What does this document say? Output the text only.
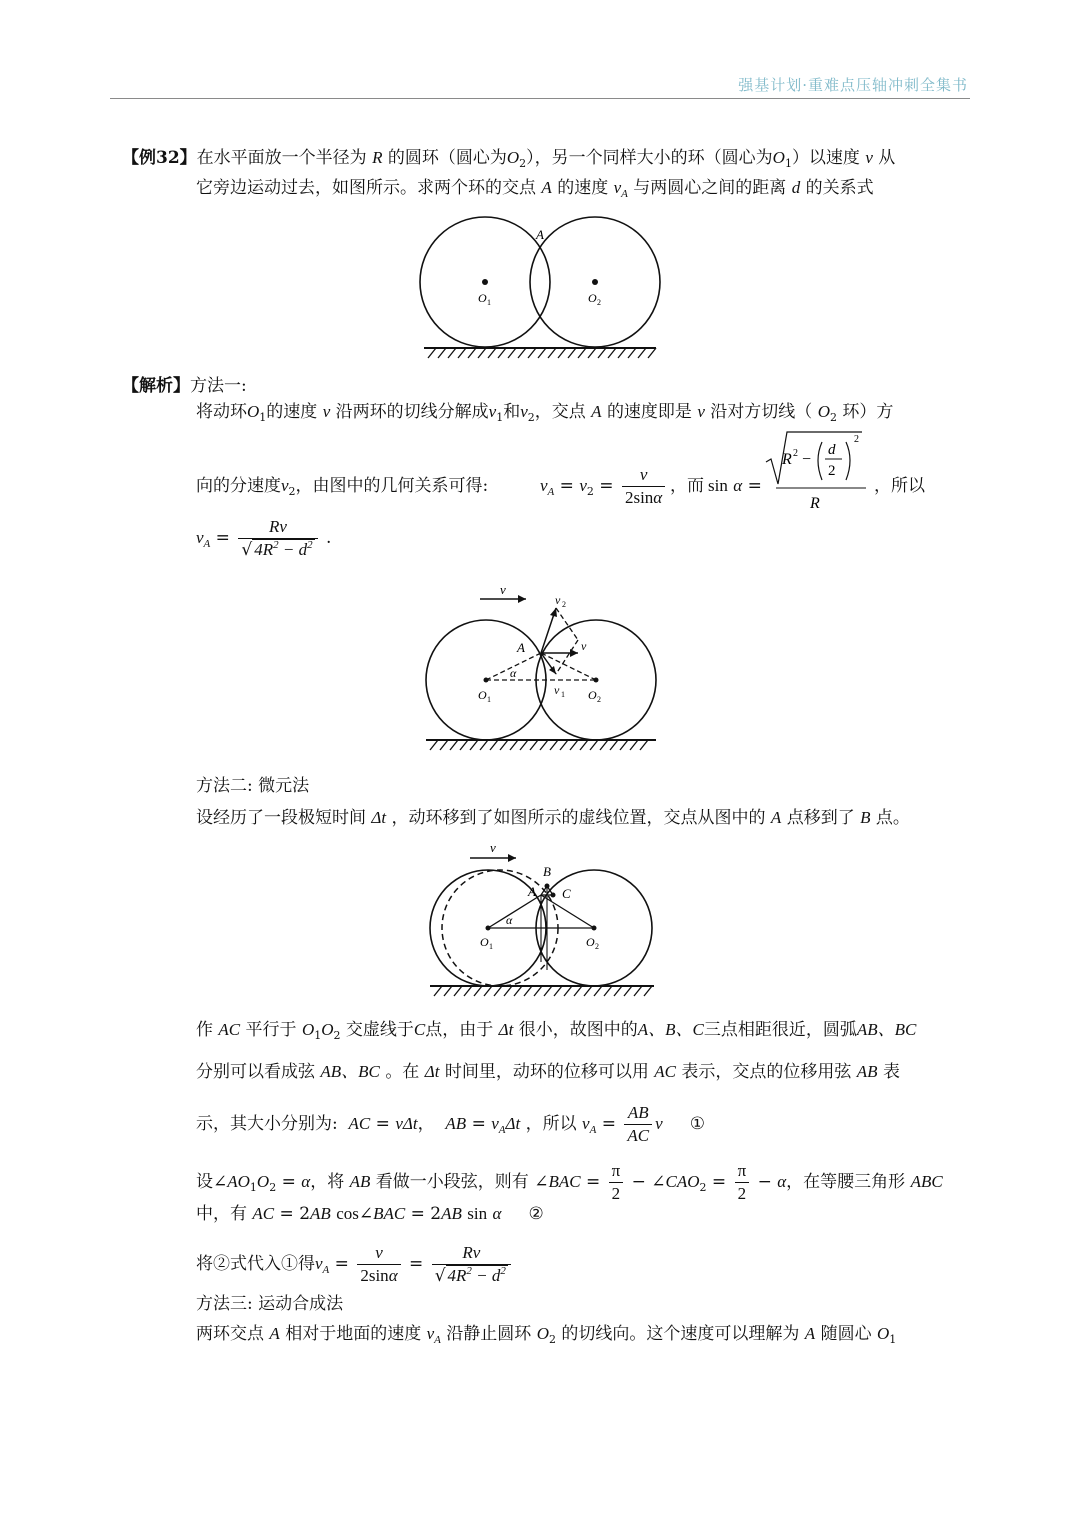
强基计划·重难点压轴冲刺全集书
【例32】在水平面放一个半径为 R 的圆环（圆心为$O_2$），另一个同样大小的环（圆心为$O_1$）以速度 v 从
它旁边运动过去，如图所示。求两个环的交点 A 的速度 $v_A$ 与两圆心之间的距离 d 的关系式
A
O 1	O 2
【解析】方法一:
将动环$O_1$的速度 v 沿两环的切线分解成$v_1$和$v_2$，交点 A 的速度即是 v 沿对方切线（ $O_2$ 环）方
向的分速度$v_2$，由图中的几何关系可得:	$v_A = v_2 = \frac{v}{2\sin\alpha}$ ，而 sin α =
R 2 −
d
2
2
R
，所以
$v_A = \frac{Rv}{√ 4R^2 - d^2}$ .
v
v 2
v
v 1
A
α
O 1	O 2
方法二: 微元法
设经历了一段极短时间 Δt ，动环移到了如图所示的虚线位置，交点从图中的 A 点移到了 B 点。
v
B
A C
α
O 1	O 2
作 AC 平行于 $O_1O_2$ 交虚线于C点，由于 Δt 很小，故图中的A、B、C三点相距很近，圆弧AB、BC
分别可以看成弦 AB、BC 。在 Δt 时间里，动环的位移可以用 AC 表示，交点的位移用弦 AB 表
示，其大小分别为: AC = vΔt， AB = $v_A\Delta t$ ，所以 $v_A = \frac{AB}{AC}$ v ①
设$\angle AO_1O_2 = \alpha$，将 AB 看做一小段弦，则有 ∠BAC = $\frac{\pi}{2}$ − $\angle CAO_2 = \frac{\pi}{2} - \alpha$，在等腰三角形 ABC
中，有 AC = 2AB cos∠BAC = 2AB sin α ②
将②式代入①得$v_A = \frac{v}{2\sin\alpha} = \frac{Rv}{√ 4R^2 - d^2}$
方法三: 运动合成法
两环交点 A 相对于地面的速度 $v_A$ 沿静止圆环 $O_2$ 的切线向。这个速度可以理解为 A 随圆心 $O_1$
